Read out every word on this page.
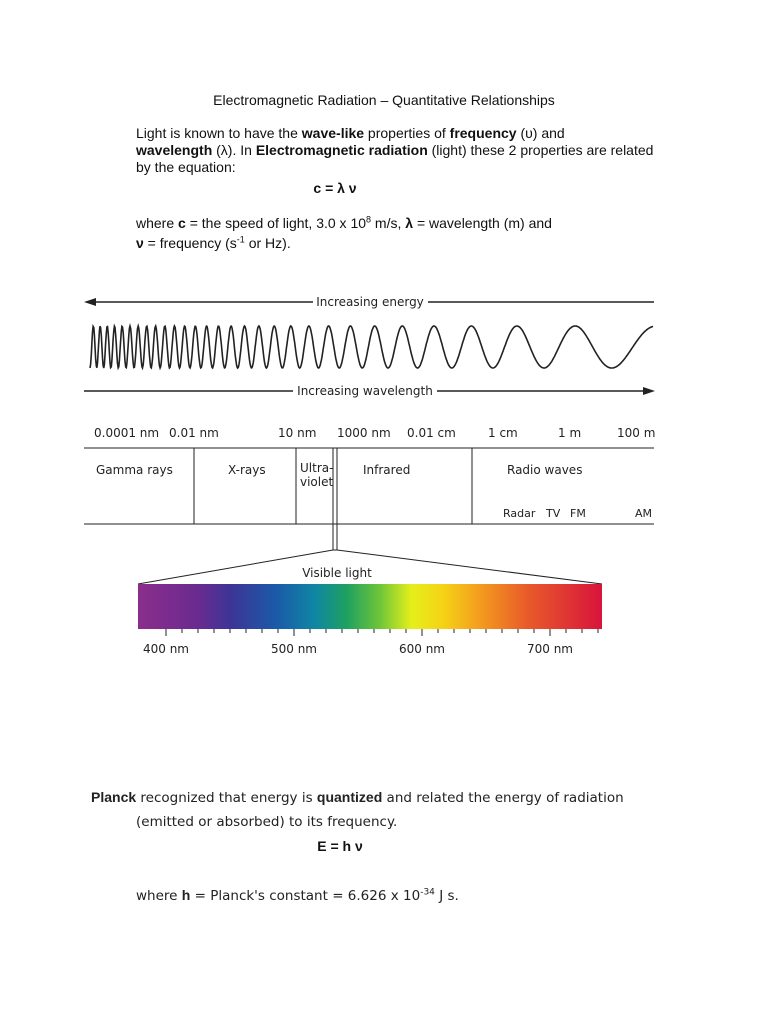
Electromagnetic Radiation – Quantitative Relationships
Light is known to have the wave-like properties of frequency (υ) and
wavelength (λ). In Electromagnetic radiation (light) these 2 properties are related
by the equation:
c = λ ν
where c = the speed of light, 3.0 x $10^8$ m/s, λ = wavelength (m) and
ν = frequency ($s^{-1}$ or Hz).
Increasing energy
Increasing wavelength
0.0001 nm 0.01 nm	10 nm 1000 nm 0.01 cm	1 cm	1 m	100 m
Gamma rays	X-rays	Ultra-
violet
Infrared	Radio waves
Radar TV FM	AM
Visible light
400 nm	500 nm	600 nm	700 nm
Planck recognized that energy is quantized and related the energy of radiation
(emitted or absorbed) to its frequency.
E = h ν
where h = Planck's constant = 6.626 x $10^{-34}$ J s.
